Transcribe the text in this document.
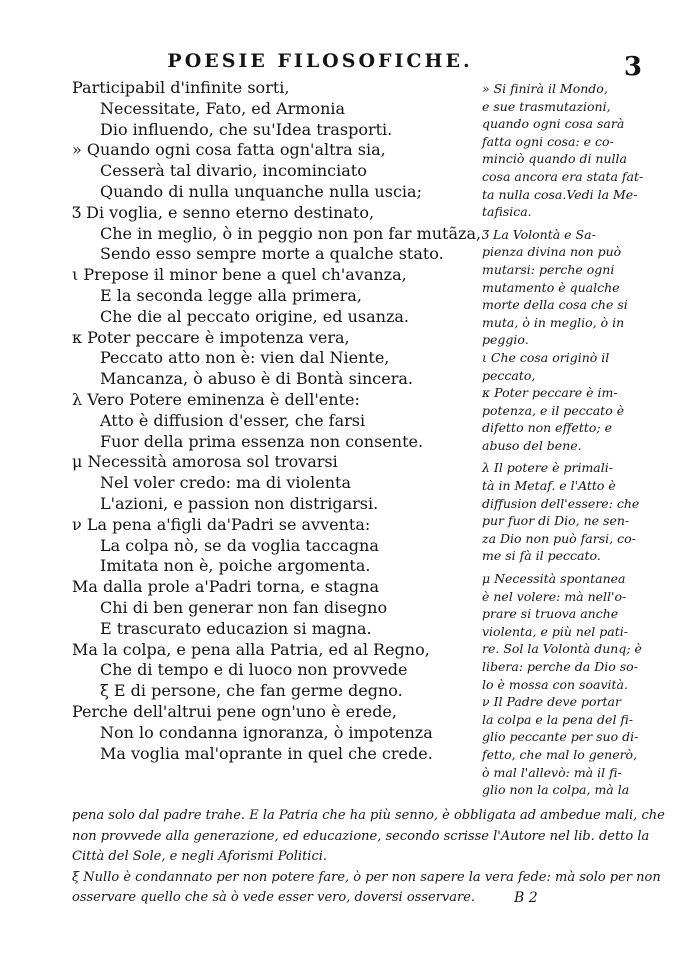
POESIE FILOSOFICHE.	3
Participabil d'infinite sorti,
Necessitate, Fato, ed Armonia
Dio influendo, che su'Idea trasporti.
» Quando ogni cosa fatta ogn'altra sia,
Cesserà tal divario, incominciato
Quando di nulla unquanche nulla uscia;
Ʒ Di voglia, e senno eterno destinato,
Che in meglio, ò in peggio non pon far mutãza,
Sendo esso sempre morte a qualche stato.
ι Prepose il minor bene a quel ch'avanza,
E la seconda legge alla primera,
Che die al peccato origine, ed usanza.
κ Poter peccare è impotenza vera,
Peccato atto non è: vien dal Niente,
Mancanza, ò abuso è di Bontà sincera.
λ Vero Potere eminenza è dell'ente:
Atto è diffusion d'esser, che farsi
Fuor della prima essenza non consente.
μ Necessità amorosa sol trovarsi
Nel voler credo: ma di violenta
L'azioni, e passion non distrigarsi.
ν La pena a'figli da'Padri se avventa:
La colpa nò, se da voglia taccagna
Imitata non è, poiche argomenta.
Ma dalla prole a'Padri torna, e stagna
Chi di ben generar non fan disegno
E trascurato educazion si magna.
Ma la colpa, e pena alla Patria, ed al Regno,
Che di tempo e di luoco non provvede
ξ E di persone, che fan germe degno.
Perche dell'altrui pene ogn'uno è erede,
Non lo condanna ignoranza, ò impotenza
Ma voglia mal'oprante in quel che crede.
» Si finirà il Mondo,
e sue trasmutazioni,
quando ogni cosa sarà
fatta ogni cosa: e co-
minciò quando di nulla
cosa ancora era stata fat-
ta nulla cosa.Vedi la Me-
tafisica.
Ʒ La Volontà e Sa-
pienza divina non può
mutarsi: perche ogni
mutamento è qualche
morte della cosa che si
muta, ò in meglio, ò in
peggio.
ι Che cosa originò il
peccato,
κ Poter peccare è im-
potenza, e il peccato è
difetto non effetto; e
abuso del bene.
λ Il potere è primali-
tà in Metaf. e l'Atto è
diffusion dell'essere: che
pur fuor di Dio, ne sen-
za Dio non può farsi, co-
me si fà il peccato.
μ Necessità spontanea
è nel volere: mà nell'o-
prare si truova anche
violenta, e più nel pati-
re. Sol la Volontà dunq; è
libera: perche da Dio so-
lo è mossa con soavità.
ν Il Padre deve portar
la colpa e la pena del fi-
glio peccante per suo di-
fetto, che mal lo generò,
ò mal l'allevò: mà il fi-
glio non la colpa, mà la
pena solo dal padre trahe. E la Patria che ha più senno, è obbligata ad ambedue mali, che
non provvede alla generazione, ed educazione, secondo scrisse l'Autore nel lib. detto la
Città del Sole, e negli Aforismi Politici.
ξ Nullo è condannato per non potere fare, ò per non sapere la vera fede: mà solo per non
osservare quello che sà ò vede esser vero, doversi osservare.	B 2
